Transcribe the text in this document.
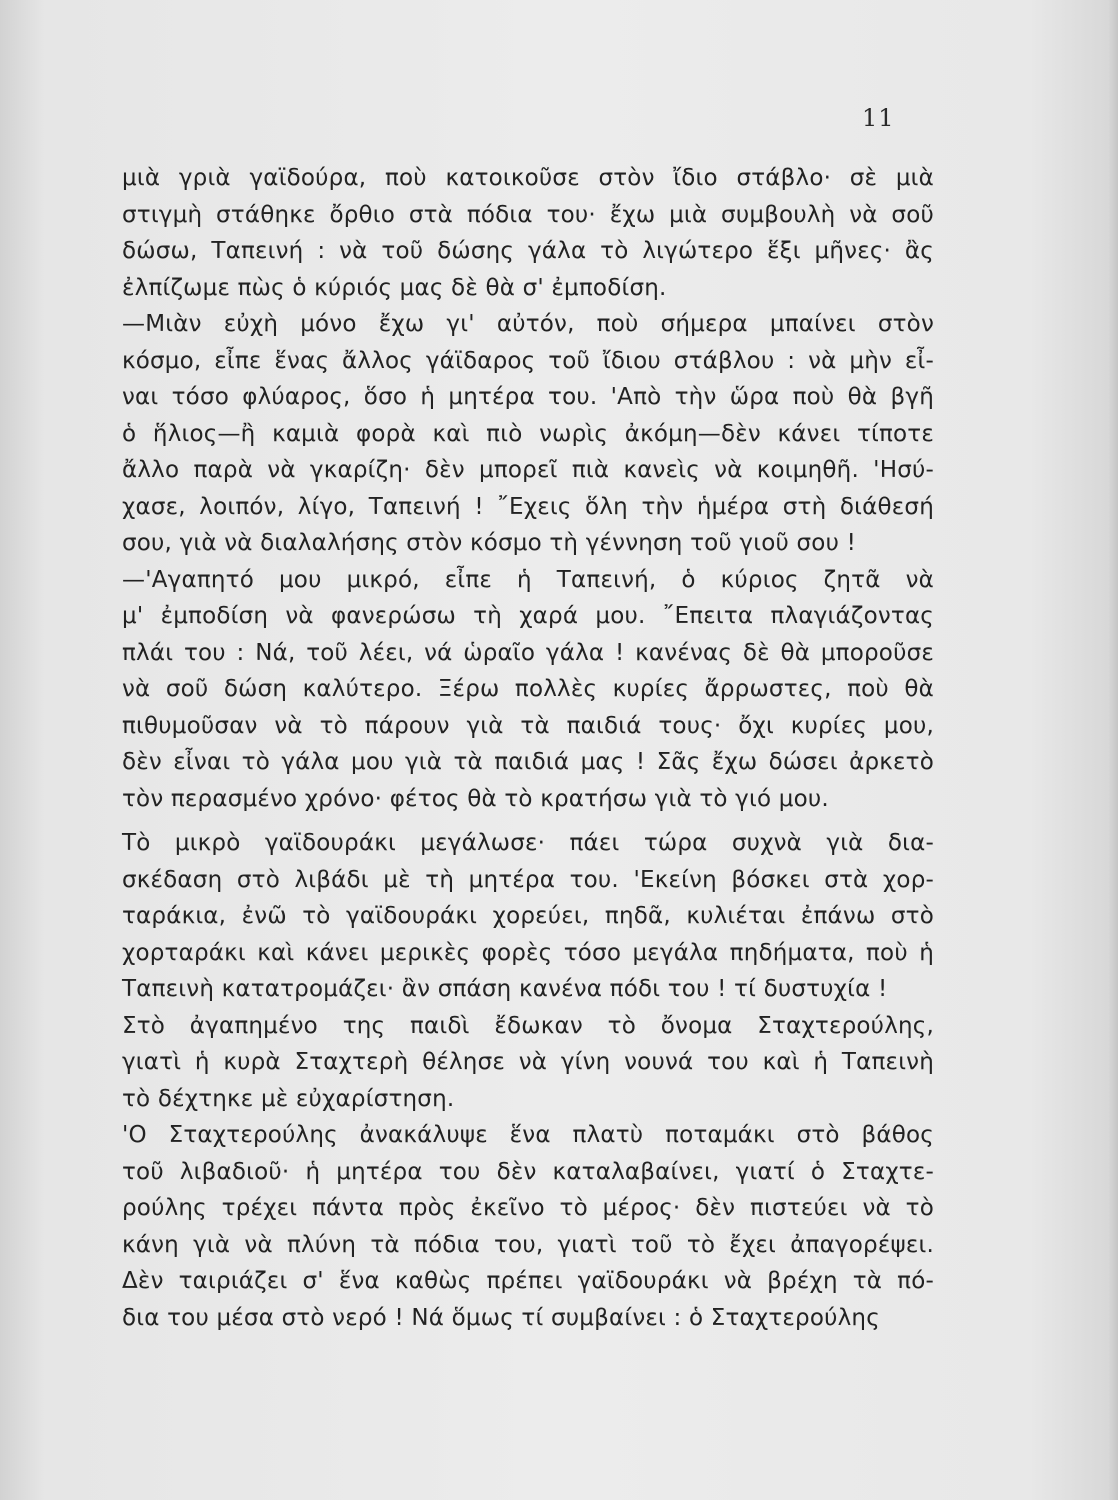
11
μιὰ γριὰ γαϊδούρα, ποὺ κατοικοῦσε στὸν ἴδιο στάβλο· σὲ μιὰ
στιγμὴ στάθηκε ὄρθιο στὰ πόδια του· ἔχω μιὰ συμβουλὴ νὰ σοῦ
δώσω, Ταπεινή : νὰ τοῦ δώσης γάλα τὸ λιγώτερο ἕξι μῆνες· ἂς
ἐλπίζωμε πὼς ὁ κύριός μας δὲ θὰ σ' ἐμποδίση.
—Μιὰν εὐχὴ μόνο ἔχω γι' αὐτόν, ποὺ σήμερα μπαίνει στὸν
κόσμο, εἶπε ἕνας ἄλλος γάϊδαρος τοῦ ἴδιου στάβλου : νὰ μὴν εἶ-
ναι τόσο φλύαρος, ὅσο ἡ μητέρα του. 'Απὸ τὴν ὥρα ποὺ θὰ βγῆ
ὁ ἥλιος—ἢ καμιὰ φορὰ καὶ πιὸ νωρὶς ἀκόμη—δὲν κάνει τίποτε
ἄλλο παρὰ νὰ γκαρίζη· δὲν μπορεῖ πιὰ κανεὶς νὰ κοιμηθῆ. 'Ησύ-
χασε, λοιπόν, λίγο, Ταπεινή ! ῎Εχεις ὅλη τὴν ἡμέρα στὴ διάθεσή
σου, γιὰ νὰ διαλαλήσης στὸν κόσμο τὴ γέννηση τοῦ γιοῦ σου !
—'Αγαπητό μου μικρό, εἶπε ἡ Ταπεινή, ὁ κύριος ζητᾶ νὰ
μ' ἐμποδίση νὰ φανερώσω τὴ χαρά μου. ῎Επειτα πλαγιάζοντας
πλάι του : Νά, τοῦ λέει, νά ὡραῖο γάλα ! κανένας δὲ θὰ μποροῦσε
νὰ σοῦ δώση καλύτερο. Ξέρω πολλὲς κυρίες ἄρρωστες, ποὺ θὰ
πιθυμοῦσαν νὰ τὸ πάρουν γιὰ τὰ παιδιά τους· ὄχι κυρίες μου,
δὲν εἶναι τὸ γάλα μου γιὰ τὰ παιδιά μας ! Σᾶς ἔχω δώσει ἀρκετὸ
τὸν περασμένο χρόνο· φέτος θὰ τὸ κρατήσω γιὰ τὸ γιό μου.
Τὸ μικρὸ γαϊδουράκι μεγάλωσε· πάει τώρα συχνὰ γιὰ δια-
σκέδαση στὸ λιβάδι μὲ τὴ μητέρα του. 'Εκείνη βόσκει στὰ χορ-
ταράκια, ἐνῶ τὸ γαϊδουράκι χορεύει, πηδᾶ, κυλιέται ἐπάνω στὸ
χορταράκι καὶ κάνει μερικὲς φορὲς τόσο μεγάλα πηδήματα, ποὺ ἡ
Ταπεινὴ κατατρομάζει· ἂν σπάση κανένα πόδι του ! τί δυστυχία !
Στὸ ἀγαπημένο της παιδὶ ἔδωκαν τὸ ὄνομα Σταχτερούλης,
γιατὶ ἡ κυρὰ Σταχτερὴ θέλησε νὰ γίνη νουνά του καὶ ἡ Ταπεινὴ
τὸ δέχτηκε μὲ εὐχαρίστηση.
'Ο Σταχτερούλης ἀνακάλυψε ἕνα πλατὺ ποταμάκι στὸ βάθος
τοῦ λιβαδιοῦ· ἡ μητέρα του δὲν καταλαβαίνει, γιατί ὁ Σταχτε-
ρούλης τρέχει πάντα πρὸς ἐκεῖνο τὸ μέρος· δὲν πιστεύει νὰ τὸ
κάνη γιὰ νὰ πλύνη τὰ πόδια του, γιατὶ τοῦ τὸ ἔχει ἀπαγορέψει.
Δὲν ταιριάζει σ' ἕνα καθὼς πρέπει γαϊδουράκι νὰ βρέχη τὰ πό-
δια του μέσα στὸ νερό ! Νά ὅμως τί συμβαίνει : ὁ Σταχτερούλης
